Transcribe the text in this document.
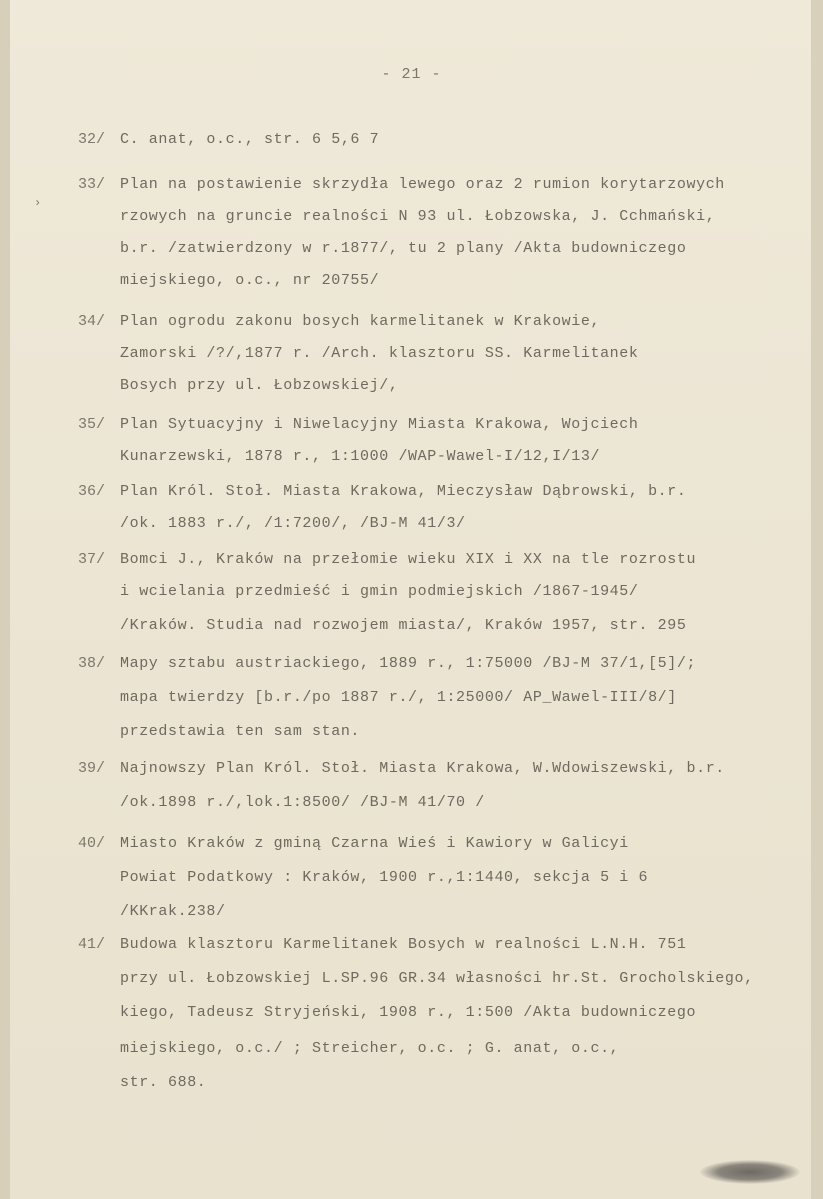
- 21 -
›
32/ C. anat, o.c., str. 6 5,6 7
33/ Plan na postawienie skrzydła lewego oraz 2 rumion korytarzowych
rzowych na gruncie realności N 93 ul. Łobzowska, J. Cchmański,
b.r. /zatwierdzony w r.1877/, tu 2 plany /Akta budowniczego
miejskiego, o.c., nr 20755/
34/ Plan ogrodu zakonu bosych karmelitanek w Krakowie,
Zamorski /?/,1877 r. /Arch. klasztoru SS. Karmelitanek
Bosych przy ul. Łobzowskiej/,
35/ Plan Sytuacyjny i Niwelacyjny Miasta Krakowa, Wojciech
Kunarzewski, 1878 r., 1:1000 /WAP-Wawel-I/12,I/13/
36/ Plan Król. Stoł. Miasta Krakowa, Mieczysław Dąbrowski, b.r.
/ok. 1883 r./, /1:7200/, /BJ-M 41/3/
37/ Bomci J., Kraków na przełomie wieku XIX i XX na tle rozrostu
i wcielania przedmieść i gmin podmiejskich /1867-1945/
/Kraków. Studia nad rozwojem miasta/, Kraków 1957, str. 295
38/ Mapy sztabu austriackiego, 1889 r., 1:75000 /BJ-M 37/1,[5]/;
mapa twierdzy [b.r./po 1887 r./, 1:25000/ AP_Wawel-III/8/]
przedstawia ten sam stan.
39/ Najnowszy Plan Król. Stoł. Miasta Krakowa, W.Wdowiszewski, b.r.
/ok.1898 r./,lok.1:8500/ /BJ-M 41/70 /
40/ Miasto Kraków z gminą Czarna Wieś i Kawiory w Galicyi
Powiat Podatkowy : Kraków, 1900 r.,1:1440, sekcja 5 i 6
/KKrak.238/
41/ Budowa klasztoru Karmelitanek Bosych w realności L.N.H. 751
przy ul. Łobzowskiej L.SP.96 GR.34 własności hr.St. Grocholskiego,
kiego, Tadeusz Stryjeński, 1908 r., 1:500 /Akta budowniczego
miejskiego, o.c./ ; Streicher, o.c. ; G. anat, o.c.,
str. 688.
